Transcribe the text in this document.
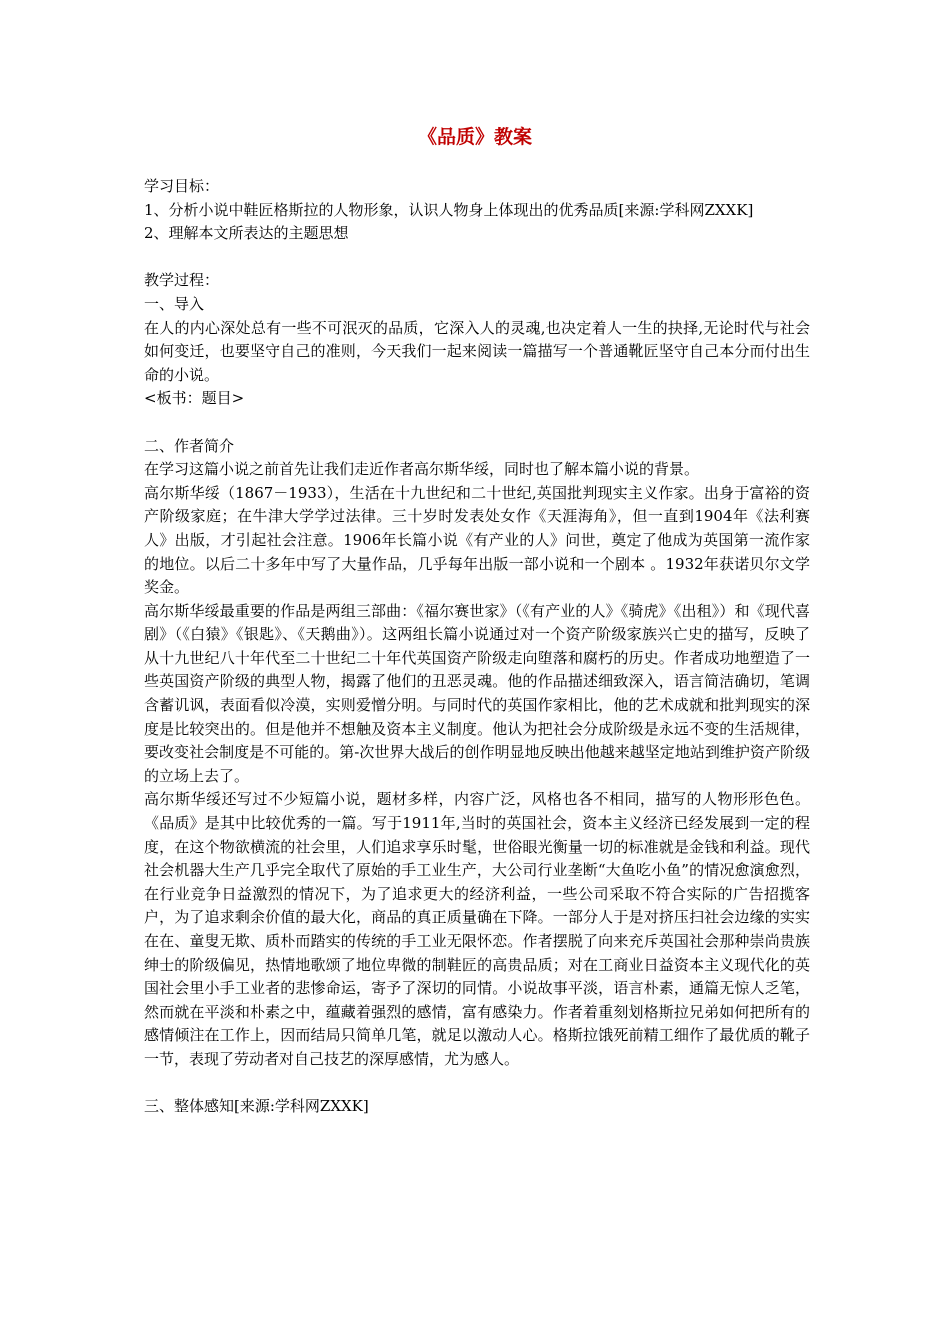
《品质》教案

学习目标：

1、分析小说中鞋匠格斯拉的人物形象，认识人物身上体现出的优秀品质[来源:学科网ZXXK]

2、理解本文所表达的主题思想

教学过程：

一、导入

在人的内心深处总有一些不可泯灭的品质，它深入人的灵魂,也决定着人一生的抉择,无论时代与社会如何变迁，也要坚守自己的准则，今天我们一起来阅读一篇描写一个普通靴匠坚守自己本分而付出生命的小说。

<板书：题目>

二、作者简介

在学习这篇小说之前首先让我们走近作者高尔斯华绥，同时也了解本篇小说的背景。

高尔斯华绥（1867－1933），生活在十九世纪和二十世纪,英国批判现实主义作家。出身于富裕的资产阶级家庭；在牛津大学学过法律。三十岁时发表处女作《天涯海角》，但一直到1904年《法利赛人》出版，才引起社会注意。1906年长篇小说《有产业的人》问世，奠定了他成为英国第一流作家的地位。以后二十多年中写了大量作品，几乎每年出版一部小说和一个剧本 。1932年获诺贝尔文学奖金。

高尔斯华绥最重要的作品是两组三部曲：《福尔赛世家》（《有产业的人》《骑虎》《出租》）和《现代喜剧》（《白猿》《银匙》、《天鹅曲》）。这两组长篇小说通过对一个资产阶级家族兴亡史的描写，反映了从十九世纪八十年代至二十世纪二十年代英国资产阶级走向堕落和腐朽的历史。作者成功地塑造了一些英国资产阶级的典型人物，揭露了他们的丑恶灵魂。他的作品描述细致深入，语言简洁确切，笔调含蓄讥讽，表面看似冷漠，实则爱憎分明。与同时代的英国作家相比，他的艺术成就和批判现实的深度是比较突出的。但是他并不想触及资本主义制度。他认为把社会分成阶级是永远不变的生活规律，要改变社会制度是不可能的。第-次世界大战后的创作明显地反映出他越来越坚定地站到维护资产阶级的立场上去了。

高尔斯华绥还写过不少短篇小说，题材多样，内容广泛，风格也各不相同，描写的人物形形色色。《品质》是其中比较优秀的一篇。写于1911年,当时的英国社会，资本主义经济已经发展到一定的程度，在这个物欲横流的社会里，人们追求享乐时髦，世俗眼光衡量一切的标准就是金钱和利益。现代社会机器大生产几乎完全取代了原始的手工业生产，大公司行业垄断“大鱼吃小鱼”的情况愈演愈烈，在行业竞争日益激烈的情况下，为了追求更大的经济利益，一些公司采取不符合实际的广告招揽客户，为了追求剩余价值的最大化，商品的真正质量确在下降。一部分人于是对挤压扫社会边缘的实实在在、童叟无欺、质朴而踏实的传统的手工业无限怀恋。作者摆脱了向来充斥英国社会那种崇尚贵族绅士的阶级偏见，热情地歌颂了地位卑微的制鞋匠的高贵品质；对在工商业日益资本主义现代化的英国社会里小手工业者的悲惨命运，寄予了深切的同情。小说故事平淡，语言朴素，通篇无惊人乏笔，然而就在平淡和朴素之中，蕴藏着强烈的感情，富有感染力。作者着重刻划格斯拉兄弟如何把所有的感情倾注在工作上，因而结局只简单几笔，就足以激动人心。格斯拉饿死前精工细作了最优质的靴子一节，表现了劳动者对自己技艺的深厚感情，尤为感人。

三、整体感知[来源:学科网ZXXK]
